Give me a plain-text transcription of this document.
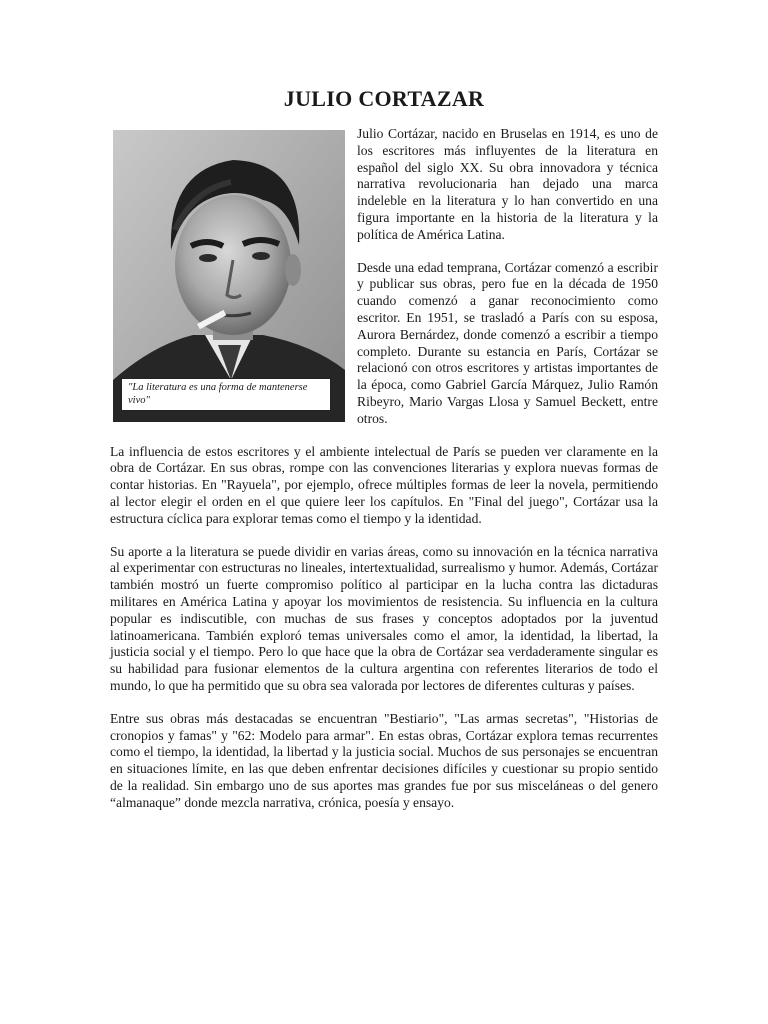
JULIO CORTAZAR
"La literatura es una forma de mantenerse vivo"

Julio Cortázar, nacido en Bruselas en 1914, es uno de los escritores más influyentes de la literatura en español del siglo XX. Su obra innovadora y técnica narrativa revolucionaria han dejado una marca indeleble en la literatura y lo han convertido en una figura importante en la historia de la literatura y la política de América Latina.

Desde una edad temprana, Cortázar comenzó a escribir y publicar sus obras, pero fue en la década de 1950 cuando comenzó a ganar reconocimiento como escritor. En 1951, se trasladó a París con su esposa, Aurora Bernárdez, donde comenzó a escribir a tiempo completo. Durante su estancia en París, Cortázar se relacionó con otros escritores y artistas importantes de la época, como Gabriel García Márquez, Julio Ramón Ribeyro, Mario Vargas Llosa y Samuel Beckett, entre otros.

La influencia de estos escritores y el ambiente intelectual de París se pueden ver claramente en la obra de Cortázar. En sus obras, rompe con las convenciones literarias y explora nuevas formas de contar historias. En "Rayuela", por ejemplo, ofrece múltiples formas de leer la novela, permitiendo al lector elegir el orden en el que quiere leer los capítulos. En "Final del juego", Cortázar usa la estructura cíclica para explorar temas como el tiempo y la identidad.

Su aporte a la literatura se puede dividir en varias áreas, como su innovación en la técnica narrativa al experimentar con estructuras no lineales, intertextualidad, surrealismo y humor. Además, Cortázar también mostró un fuerte compromiso político al participar en la lucha contra las dictaduras militares en América Latina y apoyar los movimientos de resistencia. Su influencia en la cultura popular es indiscutible, con muchas de sus frases y conceptos adoptados por la juventud latinoamericana. También exploró temas universales como el amor, la identidad, la libertad, la justicia social y el tiempo. Pero lo que hace que la obra de Cortázar sea verdaderamente singular es su habilidad para fusionar elementos de la cultura argentina con referentes literarios de todo el mundo, lo que ha permitido que su obra sea valorada por lectores de diferentes culturas y países.

Entre sus obras más destacadas se encuentran "Bestiario", "Las armas secretas", "Historias de cronopios y famas" y "62: Modelo para armar". En estas obras, Cortázar explora temas recurrentes como el tiempo, la identidad, la libertad y la justicia social. Muchos de sus personajes se encuentran en situaciones límite, en las que deben enfrentar decisiones difíciles y cuestionar su propio sentido de la realidad. Sin embargo uno de sus aportes mas grandes fue por sus misceláneas o del genero “almanaque” donde mezcla narrativa, crónica, poesía y ensayo.
